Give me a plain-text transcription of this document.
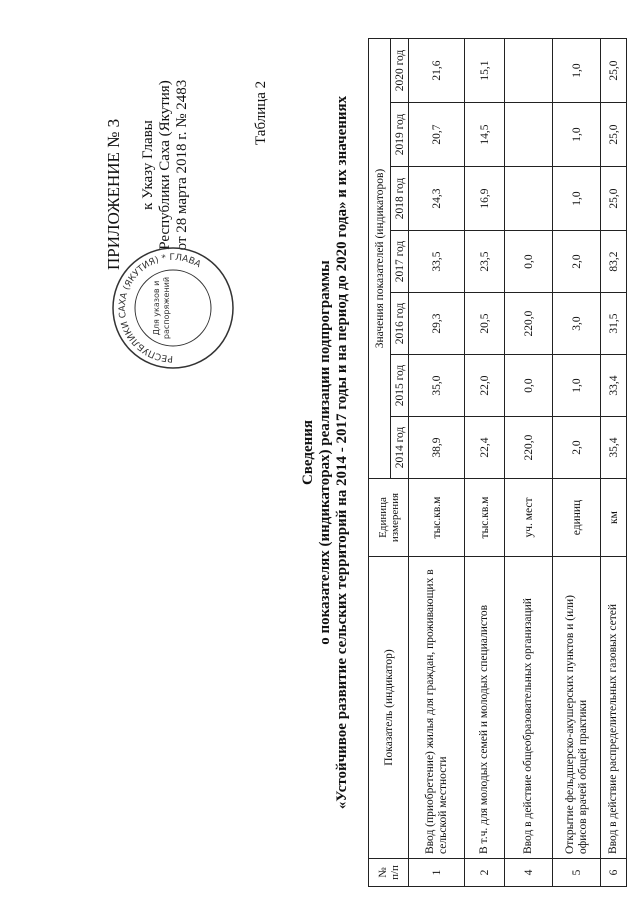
ПРИЛОЖЕНИЕ № 3 к Указу Главы Республики Саха (Якутия) от 28 марта 2018 г. № 2483
РЕСПУБЛИКИ САХА (ЯКУТИЯ) * ГЛАВА
Для указов и распоряжений
Таблица 2
Сведения о показателях (индикаторах) реализации подпрограммы «Устойчивое развитие сельских территорий на 2014 - 2017 годы и на период до 2020 года» и их значениях
№ п/п	Показатель (индикатор)	Единица измерения	Значения показателей (индикаторов)						
			2014 год	2015 год	2016 год	2017 год	2018 год	2019 год	2020 год
1	Ввод (приобретение) жилья для граждан, проживающих в сельской местности	тыс.кв.м	38,9	35,0	29,3	33,5	24,3	20,7	21,6
2	В т.ч. для молодых семей и молодых специалистов	тыс.кв.м	22,4	22,0	20,5	23,5	16,9	14,5	15,1
4	Ввод в действие общеобразовательных организаций	уч. мест	220,0	0,0	220,0	0,0			
5	Открытие фельдшерско-акушерских пунктов и (или) офисов врачей общей практики	единиц	2,0	1,0	3,0	2,0	1,0	1,0	1,0
6	Ввод в действие распределительных газовых сетей	км	35,4	33,4	31,5	83,2	25,0	25,0	25,0
